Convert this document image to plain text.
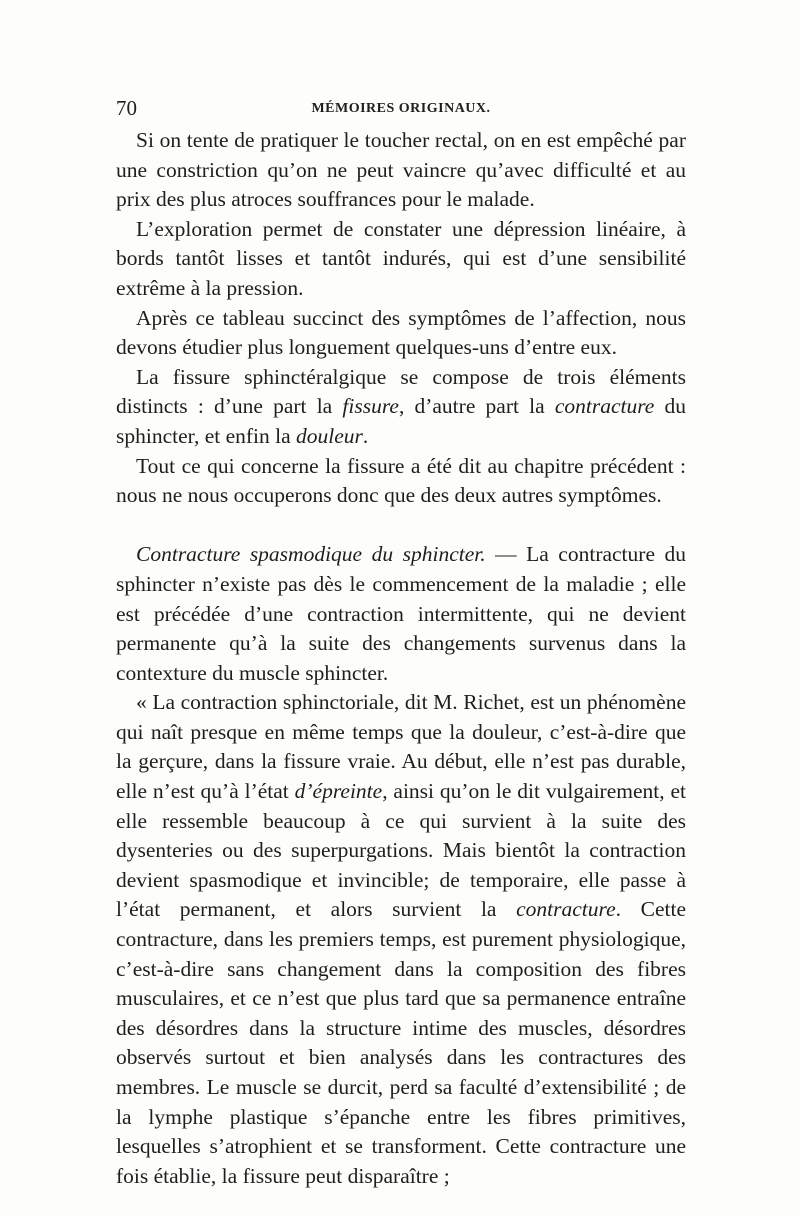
70	MÉMOIRES ORIGINAUX.

Si on tente de pratiquer le toucher rectal, on en est empêché par une constriction qu’on ne peut vaincre qu’avec difficulté et au prix des plus atroces souffrances pour le malade.

L’exploration permet de constater une dépression linéaire, à bords tantôt lisses et tantôt indurés, qui est d’une sensibilité extrême à la pression.

Après ce tableau succinct des symptômes de l’affection, nous devons étudier plus longuement quelques-uns d’entre eux.

La fissure sphinctéralgique se compose de trois éléments distincts : d’une part la fissure, d’autre part la contracture du sphincter, et enfin la douleur.

Tout ce qui concerne la fissure a été dit au chapitre précédent : nous ne nous occuperons donc que des deux autres symptômes.

Contracture spasmodique du sphincter. — La contracture du sphincter n’existe pas dès le commencement de la maladie ; elle est précédée d’une contraction intermittente, qui ne devient permanente qu’à la suite des changements survenus dans la contexture du muscle sphincter.

« La contraction sphinctoriale, dit M. Richet, est un phénomène qui naît presque en même temps que la douleur, c’est-à-dire que la gerçure, dans la fissure vraie. Au début, elle n’est pas durable, elle n’est qu’à l’état d’épreinte, ainsi qu’on le dit vulgairement, et elle ressemble beaucoup à ce qui survient à la suite des dysenteries ou des superpurgations. Mais bientôt la contraction devient spasmodique et invincible; de temporaire, elle passe à l’état permanent, et alors survient la contracture. Cette contracture, dans les premiers temps, est purement physiologique, c’est-à-dire sans changement dans la composition des fibres musculaires, et ce n’est que plus tard que sa permanence entraîne des désordres dans la structure intime des muscles, désordres observés surtout et bien analysés dans les contractures des membres. Le muscle se durcit, perd sa faculté d’extensibilité ; de la lymphe plastique s’épanche entre les fibres primitives, lesquelles s’atrophient et se transforment. Cette contracture une fois établie, la fissure peut disparaître ;
